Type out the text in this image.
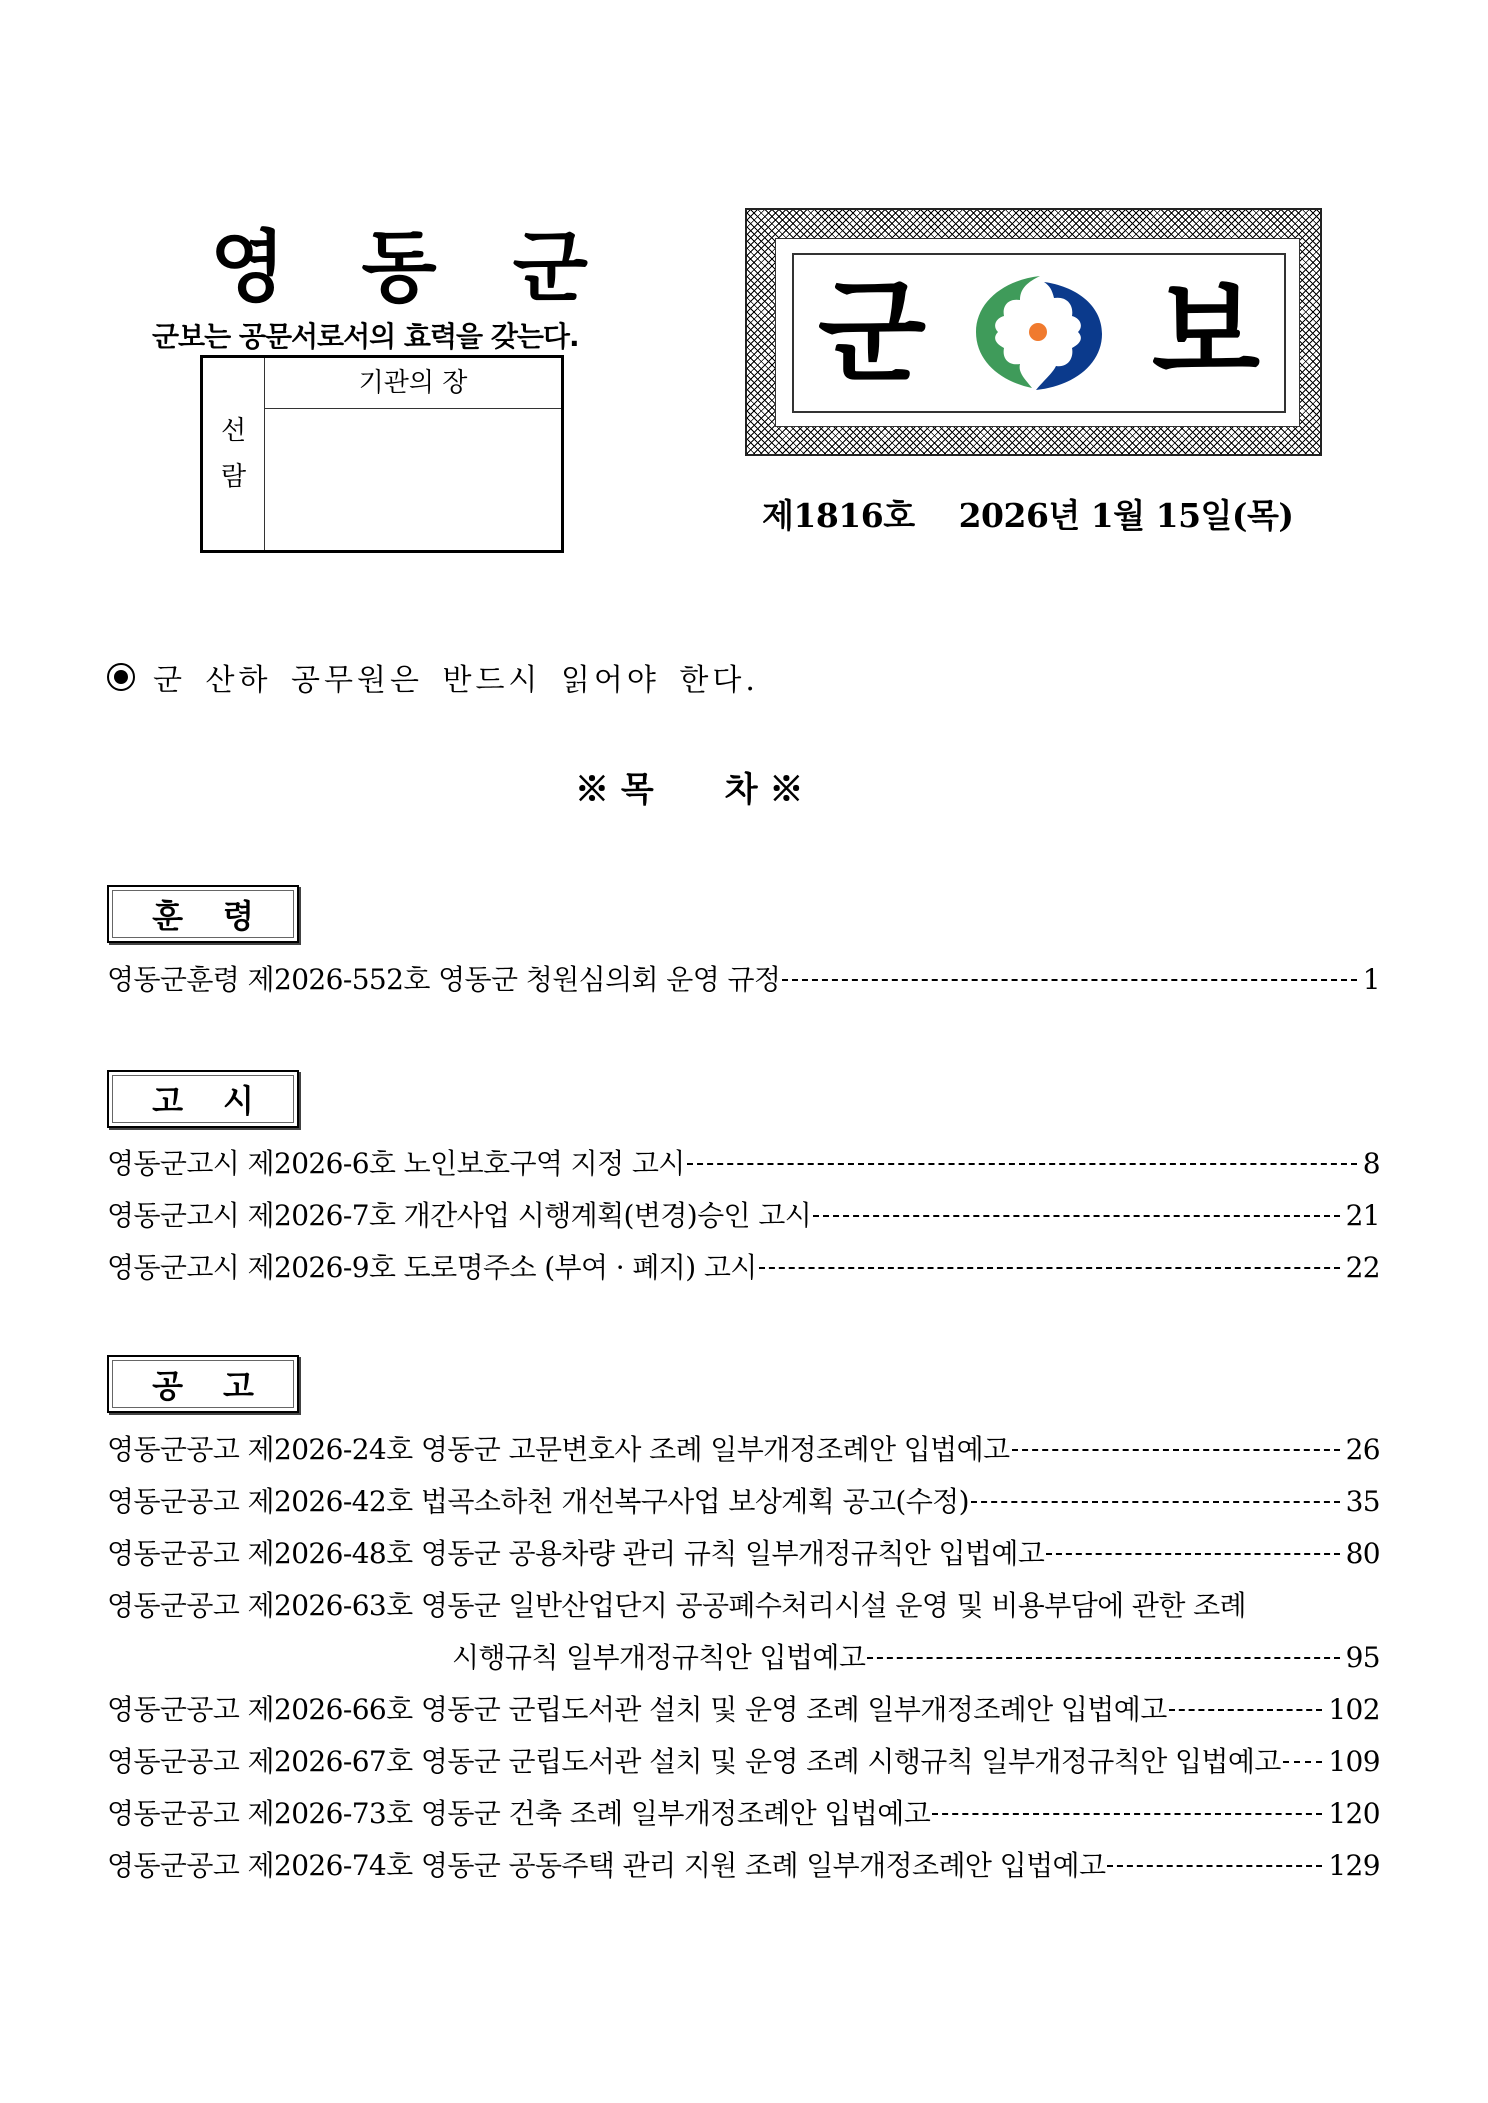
영 동 군
군보는 공문서로서의 효력을 갖는다.
선
람
기관의 장	군 보
제1816호 2026년 1월 15일(목)
군 산하 공무원은 반드시 읽어야 한다.
※ 목      차 ※
훈령
영동군훈령 제2026-552호 영동군 청원심의회 운영 규정	1
고시
영동군고시 제2026-6호 노인보호구역 지정 고시	8
영동군고시 제2026-7호 개간사업 시행계획(변경)승인 고시	21
영동군고시 제2026-9호 도로명주소 (부여 · 폐지) 고시	22
공고
영동군공고 제2026-24호 영동군 고문변호사 조례 일부개정조례안 입법예고	26
영동군공고 제2026-42호 법곡소하천 개선복구사업 보상계획 공고(수정)	35
영동군공고 제2026-48호 영동군 공용차량 관리 규칙 일부개정규칙안 입법예고	80
영동군공고 제2026-63호 영동군 일반산업단지 공공폐수처리시설 운영 및 비용부담에 관한 조례
시행규칙 일부개정규칙안 입법예고	95
영동군공고 제2026-66호 영동군 군립도서관 설치 및 운영 조례 일부개정조례안 입법예고	102
영동군공고 제2026-67호 영동군 군립도서관 설치 및 운영 조례 시행규칙 일부개정규칙안 입법예고 109
영동군공고 제2026-73호 영동군 건축 조례 일부개정조례안 입법예고	120
영동군공고 제2026-74호 영동군 공동주택 관리 지원 조례 일부개정조례안 입법예고	129
